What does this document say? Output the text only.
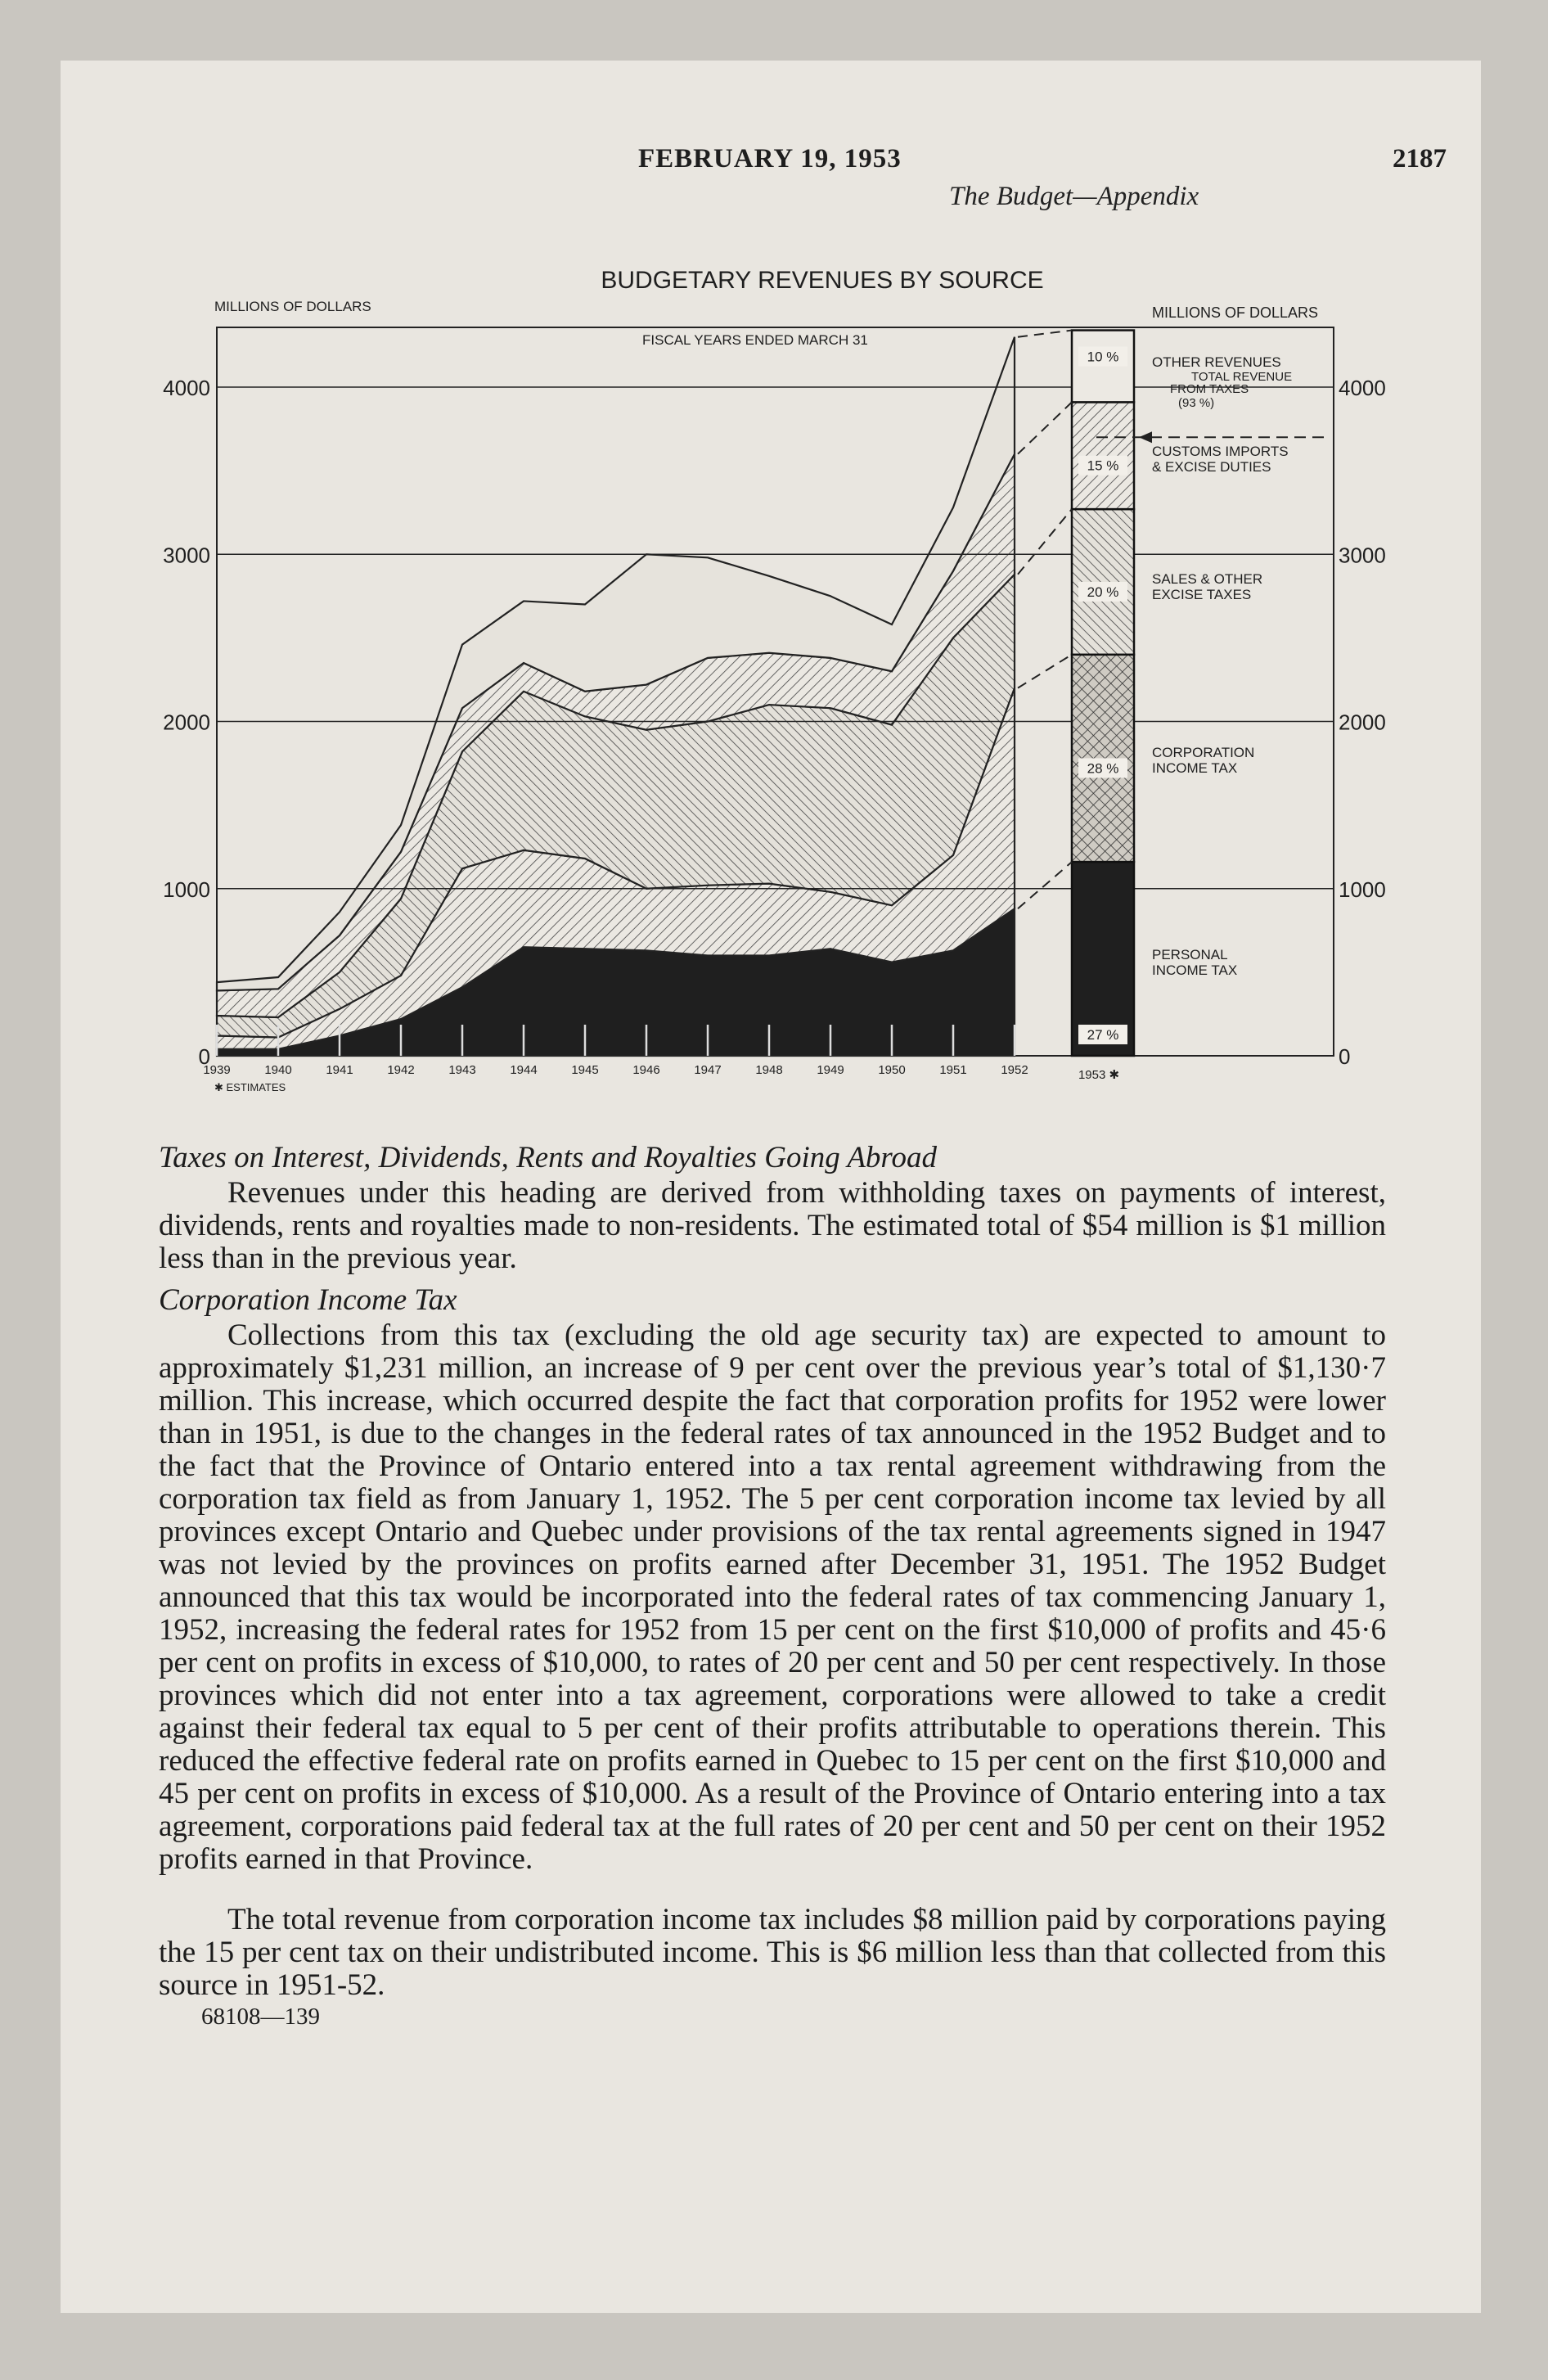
FEBRUARY 19, 1953	2187
The Budget—Appendix
BUDGETARY REVENUES BY SOURCE
MILLIONS OF DOLLARS	MILLIONS OF DOLLARS
FISCAL YEARS ENDED MARCH 31
0
1000
2000
3000
4000
0
1000
2000
3000
4000
1939	1940	1941	1942	1943	1944	1945	1946	1947	1948	1949	1950	1951	1952	1953 ✱
27 %
28 %
20 %
15 %
10 % OTHER REVENUES
TOTAL REVENUE
FROM TAXES
(93 %)
CUSTOMS IMPORTS
& EXCISE DUTIES
SALES & OTHER
EXCISE TAXES
CORPORATION
INCOME TAX
PERSONAL
INCOME TAX
✱ ESTIMATES

Taxes on Interest, Dividends, Rents and Royalties Going Abroad

Revenues under this heading are derived from withholding taxes on payments of interest, dividends, rents and royalties made to non-residents. The estimated total of $54 million is $1 million less than in the previous year.

Corporation Income Tax

Collections from this tax (excluding the old age security tax) are expected to amount to approximately $1,231 million, an increase of 9 per cent over the previous year’s total of $1,130·7 million. This increase, which occurred despite the fact that corporation profits for 1952 were lower than in 1951, is due to the changes in the federal rates of tax announced in the 1952 Budget and to the fact that the Province of Ontario entered into a tax rental agreement withdrawing from the corporation tax field as from January 1, 1952. The 5 per cent corporation income tax levied by all provinces except Ontario and Quebec under provisions of the tax rental agreements signed in 1947 was not levied by the provinces on profits earned after December 31, 1951. The 1952 Budget announced that this tax would be incorporated into the federal rates of tax commencing January 1, 1952, increasing the federal rates for 1952 from 15 per cent on the first $10,000 of profits and 45·6 per cent on profits in excess of $10,000, to rates of 20 per cent and 50 per cent respectively. In those provinces which did not enter into a tax agreement, corporations were allowed to take a credit against their federal tax equal to 5 per cent of their profits attributable to operations therein. This reduced the effective federal rate on profits earned in Quebec to 15 per cent on the first $10,000 and 45 per cent on profits in excess of $10,000. As a result of the Province of Ontario entering into a tax agreement, corporations paid federal tax at the full rates of 20 per cent and 50 per cent on their 1952 profits earned in that Province.

The total revenue from corporation income tax includes $8 million paid by corporations paying the 15 per cent tax on their undistributed income. This is $6 million less than that collected from this source in 1951-52.

68108—139
